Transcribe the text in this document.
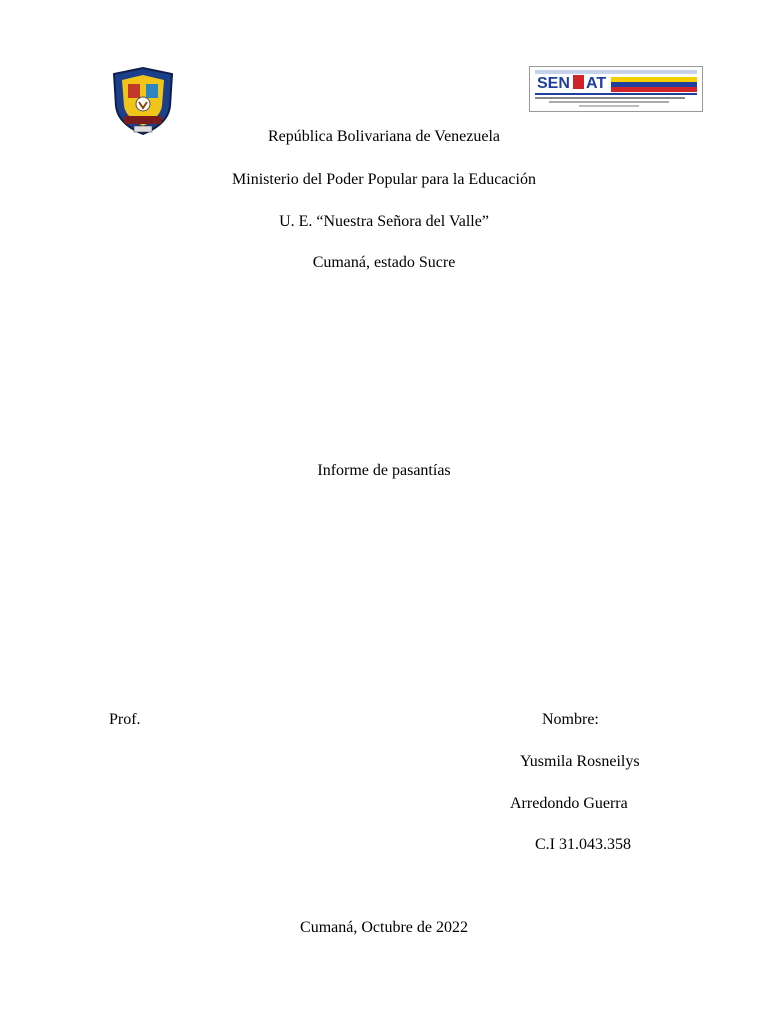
SEN AT
República Bolivariana de Venezuela
Ministerio del Poder Popular para la Educación
U. E. “Nuestra Señora del Valle”
Cumaná, estado Sucre
Informe de pasantías
Prof.	Nombre:
Yusmila Rosneilys
Arredondo Guerra
C.I 31.043.358
Cumaná, Octubre de 2022
